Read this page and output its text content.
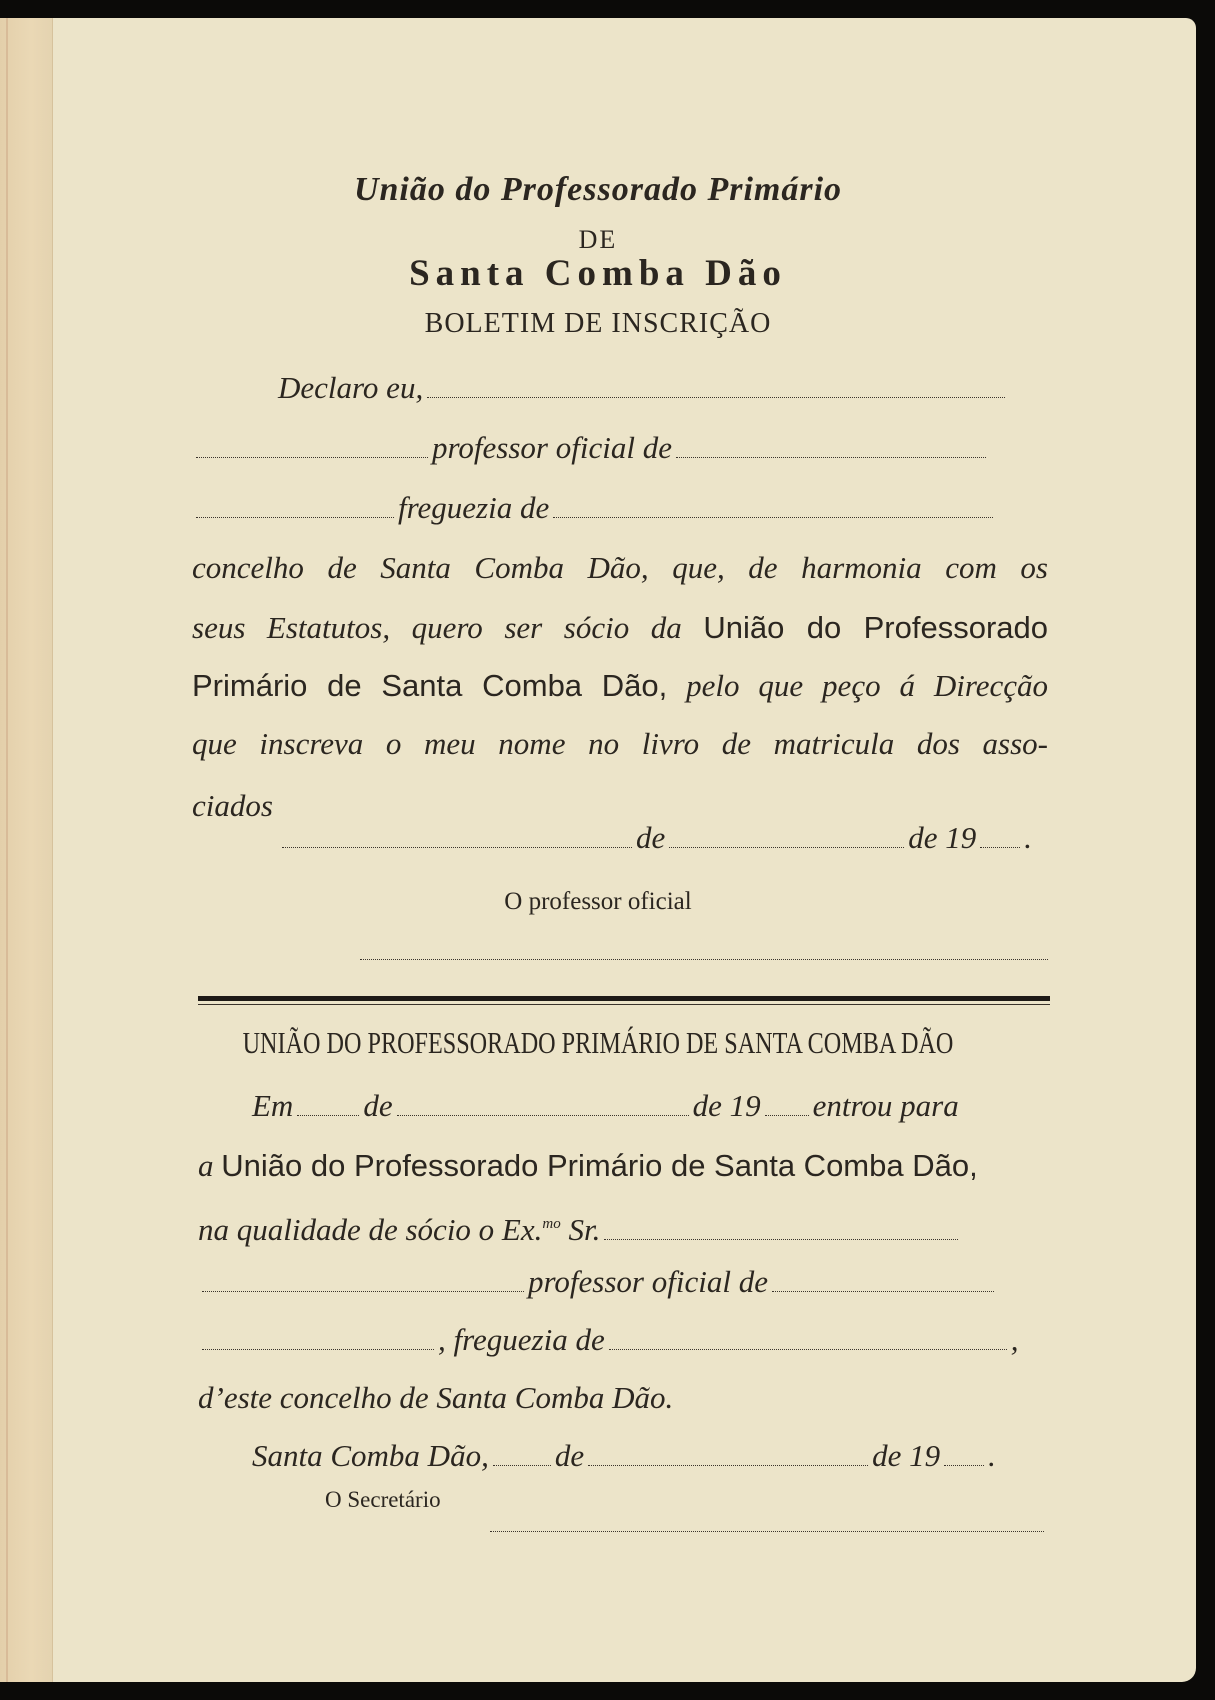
União do Professorado Primário
DE
Santa Comba Dão
BOLETIM DE INSCRIÇÃO
Declaro eu,
professor oficial de
freguezia de
concelho de Santa Comba Dão, que, de harmonia com os
seus Estatutos, quero ser sócio da União do Professorado
Primário de Santa Comba Dão, pelo que peço á Direcção
que inscreva o meu nome no livro de matricula dos asso-
ciados
de	de 19 .
O professor oficial
UNIÃO DO PROFESSORADO PRIMÁRIO DE SANTA COMBA DÃO
Em de	de 19 entrou para
a União do Professorado Primário de Santa Comba Dão,
na qualidade de sócio o Ex.$^{mo}$ Sr.
professor oficial de
, freguezia de	,
d’este concelho de Santa Comba Dão.
Santa Comba Dão, de	de 19 .
O Secretário
